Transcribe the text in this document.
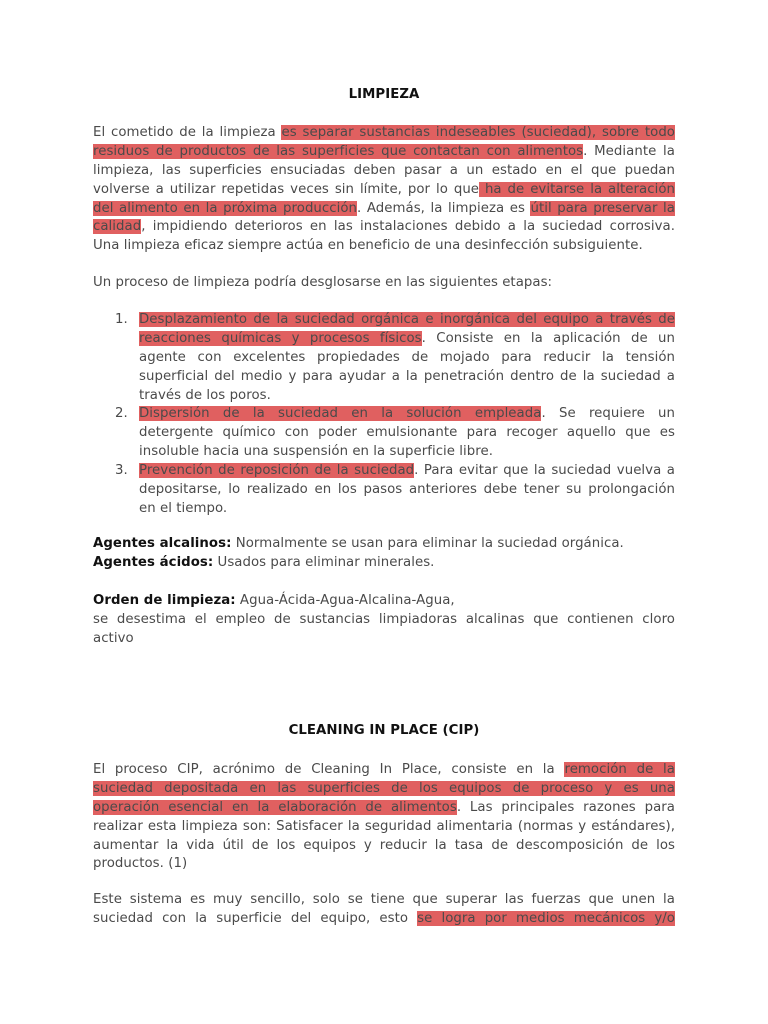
LIMPIEZA
El cometido de la limpieza es separar sustancias indeseables (suciedad), sobre todo
residuos de productos de las superficies que contactan con alimentos. Mediante la
limpieza, las superficies ensuciadas deben pasar a un estado en el que puedan
volverse a utilizar repetidas veces sin límite, por lo que ha de evitarse la alteración
del alimento en la próxima producción. Además, la limpieza es útil para preservar la
calidad, impidiendo deterioros en las instalaciones debido a la suciedad corrosiva.
Una limpieza eficaz siempre actúa en beneficio de una desinfección subsiguiente.
Un proceso de limpieza podría desglosarse en las siguientes etapas:
1. Desplazamiento de la suciedad orgánica e inorgánica del equipo a través de
reacciones químicas y procesos físicos. Consiste en la aplicación de un
agente con excelentes propiedades de mojado para reducir la tensión
superficial del medio y para ayudar a la penetración dentro de la suciedad a
través de los poros.
2. Dispersión de la suciedad en la solución empleada. Se requiere un
detergente químico con poder emulsionante para recoger aquello que es
insoluble hacia una suspensión en la superficie libre.
3. Prevención de reposición de la suciedad. Para evitar que la suciedad vuelva a
depositarse, lo realizado en los pasos anteriores debe tener su prolongación
en el tiempo.
Agentes alcalinos: Normalmente se usan para eliminar la suciedad orgánica.
Agentes ácidos: Usados para eliminar minerales.
Orden de limpieza: Agua-Ácida-Agua-Alcalina-Agua,
se desestima el empleo de sustancias limpiadoras alcalinas que contienen cloro
activo
CLEANING IN PLACE (CIP)
El proceso CIP, acrónimo de Cleaning In Place, consiste en la remoción de la
suciedad depositada en las superficies de los equipos de proceso y es una
operación esencial en la elaboración de alimentos. Las principales razones para
realizar esta limpieza son: Satisfacer la seguridad alimentaria (normas y estándares),
aumentar la vida útil de los equipos y reducir la tasa de descomposición de los
productos. (1)
Este sistema es muy sencillo, solo se tiene que superar las fuerzas que unen la
suciedad con la superficie del equipo, esto se logra por medios mecánicos y/o
